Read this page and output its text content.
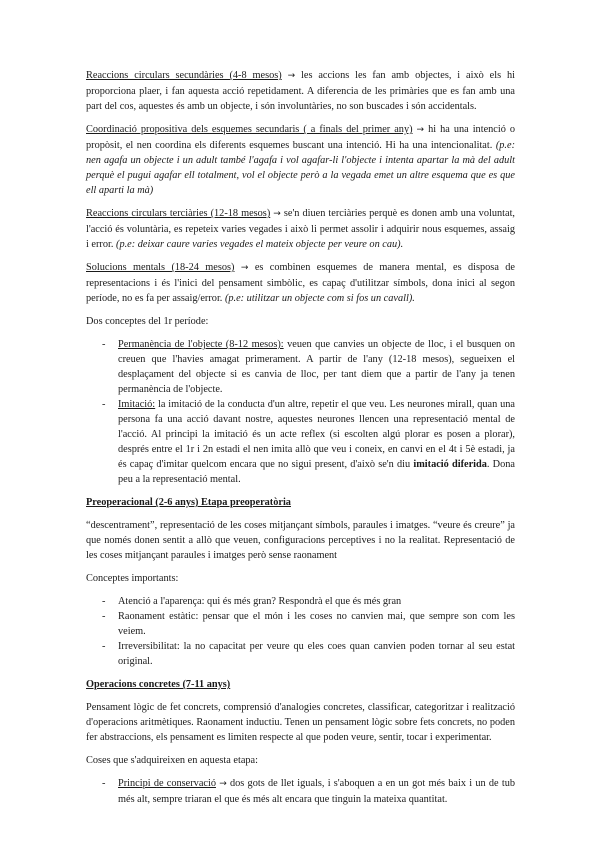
Reaccions circulars secundàries (4-8 mesos) → les accions les fan amb objectes, i això els hi proporciona plaer, i fan aquesta acció repetidament. A diferencia de les primàries que es fan amb una part del cos, aquestes és amb un objecte, i són involuntàries, no son buscades i són accidentals.

Coordinació propositiva dels esquemes secundaris ( a finals del primer any) → hi ha una intenció o propòsit, el nen coordina els diferents esquemes buscant una intenció. Hi ha una intencionalitat. (p.e: nen agafa un objecte i un adult també l'agafa i vol agafar-li l'objecte i intenta apartar la mà del adult perquè el pugui agafar ell totalment, vol el objecte però a la vegada emet un altre esquema que es que ell aparti la mà)

Reaccions circulars terciàries (12-18 mesos) → se'n diuen terciàries perquè es donen amb una voluntat, l'acció és voluntària, es repeteix varies vegades i això li permet assolir i adquirir nous esquemes, assaig i error. (p.e: deixar caure varies vegades el mateix objecte per veure on cau).

Solucions mentals (18-24 mesos) → es combinen esquemes de manera mental, es disposa de representacions i és l'inici del pensament simbòlic, es capaç d'utilitzar símbols, dona inici al segon període, no es fa per assaig/error. (p.e: utilitzar un objecte com si fos un cavall).

Dos conceptes del 1r període:

- Permanència de l'objecte (8-12 mesos): veuen que canvies un objecte de lloc, i el busquen on creuen que l'havies amagat primerament. A partir de l'any (12-18 mesos), segueixen el desplaçament del objecte si es canvia de lloc, per tant diem que a partir de l'any ja tenen permanència de l'objecte.
- Imitació: la imitació de la conducta d'un altre, repetir el que veu. Les neurones mirall, quan una persona fa una acció davant nostre, aquestes neurones llencen una representació mental de l'acció. Al principi la imitació és un acte reflex (si escolten algú plorar es posen a plorar), després entre el 1r i 2n estadi el nen imita allò que veu i coneix, en canvi en el 4t i 5è estadi, ja és capaç d'imitar quelcom encara que no sigui present, d'això se'n diu imitació diferida. Dona peu a la representació mental.

Preoperacional (2-6 anys) Etapa preoperatòria

“descentrament”, representació de les coses mitjançant símbols, paraules i imatges. “veure és creure” ja que només donen sentit a allò que veuen, configuracions perceptives i no la realitat. Representació de les coses mitjançant paraules i imatges però sense raonament

Conceptes importants:

- Atenció a l'aparença: qui és més gran? Respondrà el que és més gran
- Raonament estàtic: pensar que el món i les coses no canvien mai, que sempre son com les veiem.
- Irreversibilitat: la no capacitat per veure qu eles coes quan canvien poden tornar al seu estat original.

Operacions concretes (7-11 anys)

Pensament lògic de fet concrets, comprensió d'analogies concretes, classificar, categoritzar i realització d'operacions aritmètiques. Raonament inductiu. Tenen un pensament lògic sobre fets concrets, no poden fer abstraccions, els pensament es limiten respecte al que poden veure, sentir, tocar i experimentar.

Coses que s'adquireixen en aquesta etapa:

- Principi de conservació → dos gots de llet iguals, i s'aboquen a en un got més baix i un de tub més alt, sempre triaran el que és més alt encara que tinguin la mateixa quantitat.
